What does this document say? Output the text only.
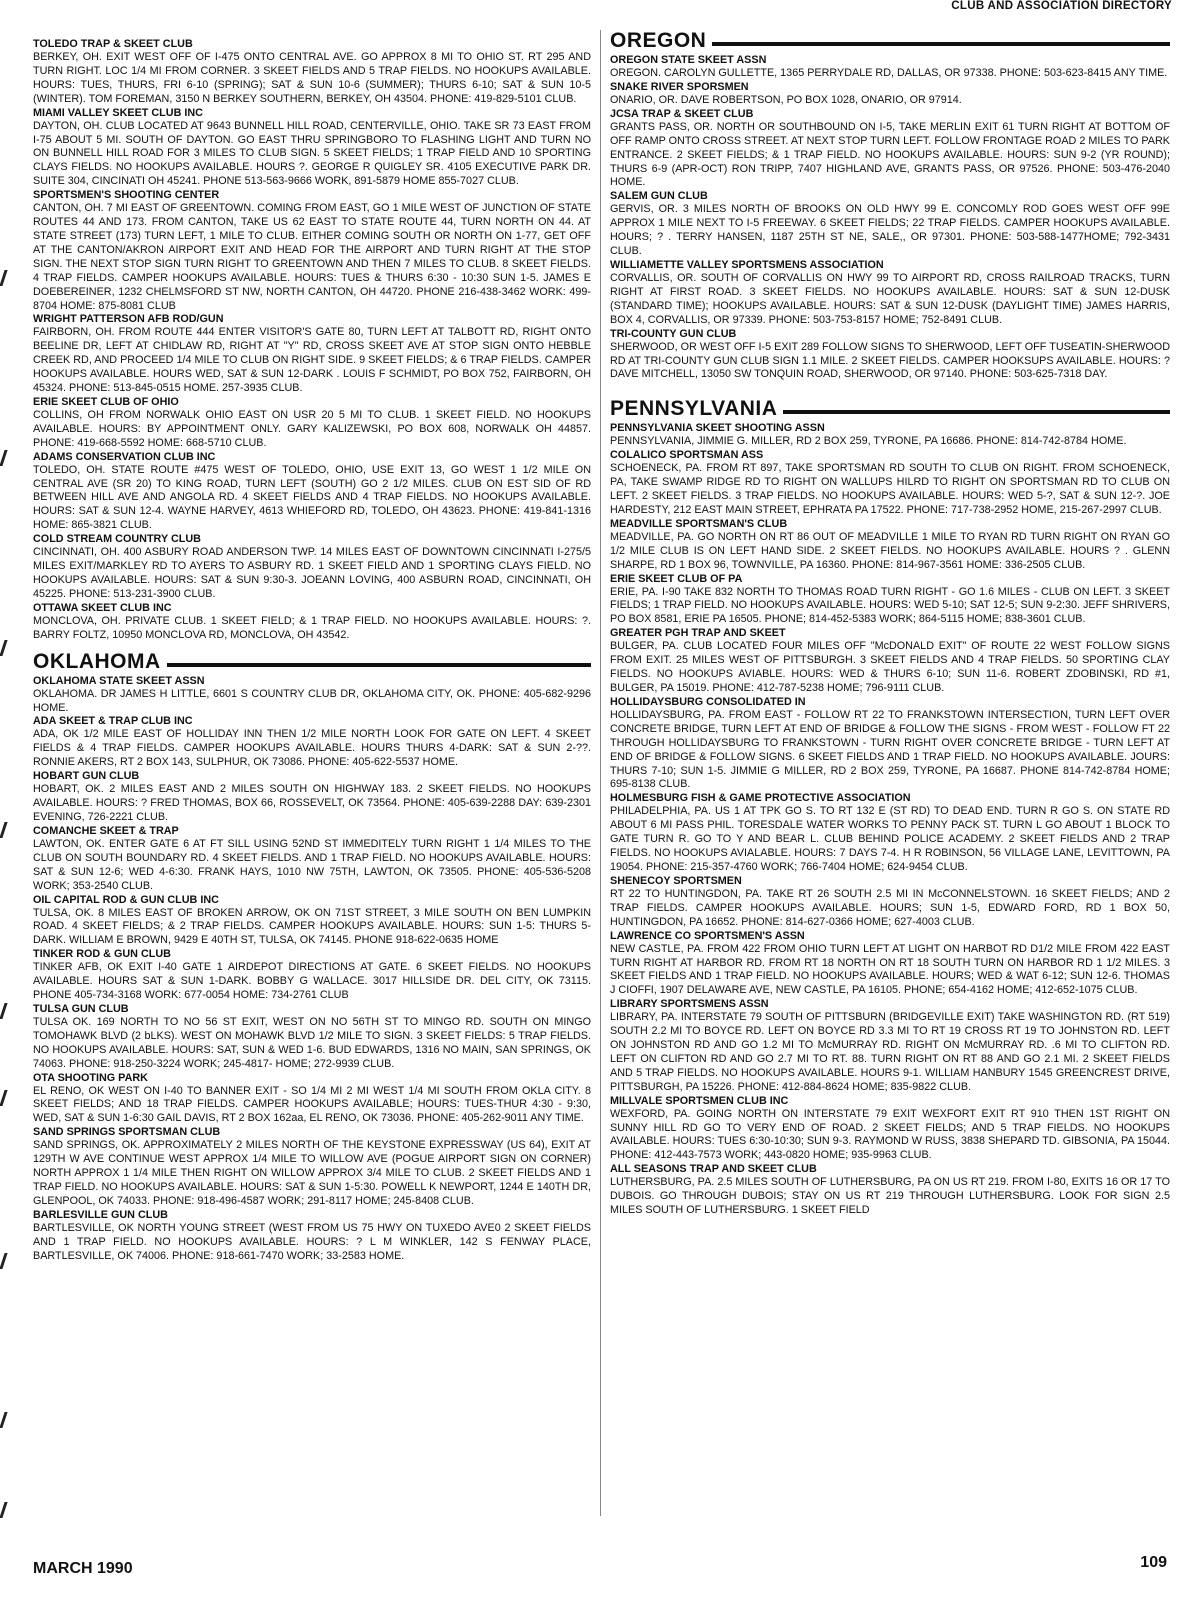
CLUB AND ASSOCIATION DIRECTORY
TOLEDO TRAP & SKEET CLUB

BERKEY, OH. EXIT WEST OFF OF I-475 ONTO CENTRAL AVE. GO APPROX 8 MI TO OHIO ST. RT 295 AND TURN RIGHT. LOC 1/4 MI FROM CORNER. 3 SKEET FIELDS AND 5 TRAP FIELDS. NO HOOKUPS AVAILABLE. HOURS: TUES, THURS, FRI 6-10 (SPRING); SAT & SUN 10-6 (SUMMER); THURS 6-10; SAT & SUN 10-5 (WINTER). TOM FOREMAN, 3150 N BERKEY SOUTHERN, BERKEY, OH 43504. PHONE: 419-829-5101 CLUB.

MIAMI VALLEY SKEET CLUB INC

DAYTON, OH. CLUB LOCATED AT 9643 BUNNELL HILL ROAD, CENTERVILLE, OHIO. TAKE SR 73 EAST FROM I-75 ABOUT 5 MI. SOUTH OF DAYTON. GO EAST THRU SPRINGBORO TO FLASHING LIGHT AND TURN NO ON BUNNELL HILL ROAD FOR 3 MILES TO CLUB SIGN. 5 SKEET FIELDS; 1 TRAP FIELD AND 10 SPORTING CLAYS FIELDS. NO HOOKUPS AVAILABLE. HOURS ?. GEORGE R QUIGLEY SR. 4105 EXECUTIVE PARK DR. SUITE 304, CINCINATI OH 45241. PHONE 513-563-9666 WORK, 891-5879 HOME 855-7027 CLUB.

SPORTSMEN'S SHOOTING CENTER

CANTON, OH. 7 MI EAST OF GREENTOWN. COMING FROM EAST, GO 1 MILE WEST OF JUNCTION OF STATE ROUTES 44 AND 173. FROM CANTON, TAKE US 62 EAST TO STATE ROUTE 44, TURN NORTH ON 44. AT STATE STREET (173) TURN LEFT, 1 MILE TO CLUB. EITHER COMING SOUTH OR NORTH ON 1-77, GET OFF AT THE CANTON/AKRON AIRPORT EXIT AND HEAD FOR THE AIRPORT AND TURN RIGHT AT THE STOP SIGN. THE NEXT STOP SIGN TURN RIGHT TO GREENTOWN AND THEN 7 MILES TO CLUB. 8 SKEET FIELDS. 4 TRAP FIELDS. CAMPER HOOKUPS AVAILABLE. HOURS: TUES & THURS 6:30 - 10:30 SUN 1-5. JAMES E DOEBEREINER, 1232 CHELMSFORD ST NW, NORTH CANTON, OH 44720. PHONE 216-438-3462 WORK: 499-8704 HOME: 875-8081 CLUB

WRIGHT PATTERSON AFB ROD/GUN

FAIRBORN, OH. FROM ROUTE 444 ENTER VISITOR'S GATE 80, TURN LEFT AT TALBOTT RD, RIGHT ONTO BEELINE DR, LEFT AT CHIDLAW RD, RIGHT AT "Y" RD, CROSS SKEET AVE AT STOP SIGN ONTO HEBBLE CREEK RD, AND PROCEED 1/4 MILE TO CLUB ON RIGHT SIDE. 9 SKEET FIELDS; & 6 TRAP FIELDS. CAMPER HOOKUPS AVAILABLE. HOURS WED, SAT & SUN 12-DARK . LOUIS F SCHMIDT, PO BOX 752, FAIRBORN, OH 45324. PHONE: 513-845-0515 HOME. 257-3935 CLUB.

ERIE SKEET CLUB OF OHIO

COLLINS, OH FROM NORWALK OHIO EAST ON USR 20 5 MI TO CLUB. 1 SKEET FIELD. NO HOOKUPS AVAILABLE. HOURS: BY APPOINTMENT ONLY. GARY KALIZEWSKI, PO BOX 608, NORWALK OH 44857. PHONE: 419-668-5592 HOME: 668-5710 CLUB.

ADAMS CONSERVATION CLUB INC

TOLEDO, OH. STATE ROUTE #475 WEST OF TOLEDO, OHIO, USE EXIT 13, GO WEST 1 1/2 MILE ON CENTRAL AVE (SR 20) TO KING ROAD, TURN LEFT (SOUTH) GO 2 1/2 MILES. CLUB ON EST SID OF RD BETWEEN HILL AVE AND ANGOLA RD. 4 SKEET FIELDS AND 4 TRAP FIELDS. NO HOOKUPS AVAILABLE. HOURS: SAT & SUN 12-4. WAYNE HARVEY, 4613 WHIEFORD RD, TOLEDO, OH 43623. PHONE: 419-841-1316 HOME: 865-3821 CLUB.

COLD STREAM COUNTRY CLUB

CINCINNATI, OH. 400 ASBURY ROAD ANDERSON TWP. 14 MILES EAST OF DOWNTOWN CINCINNATI I-275/5 MILES EXIT/MARKLEY RD TO AYERS TO ASBURY RD. 1 SKEET FIELD AND 1 SPORTING CLAYS FIELD. NO HOOKUPS AVAILABLE. HOURS: SAT & SUN 9:30-3. JOEANN LOVING, 400 ASBURN ROAD, CINCINNATI, OH 45225. PHONE: 513-231-3900 CLUB.

OTTAWA SKEET CLUB INC

MONCLOVA, OH. PRIVATE CLUB. 1 SKEET FIELD; & 1 TRAP FIELD. NO HOOKUPS AVAILABLE. HOURS: ?. BARRY FOLTZ, 10950 MONCLOVA RD, MONCLOVA, OH 43542.

OKLAHOMA
OKLAHOMA STATE SKEET ASSN

OKLAHOMA. DR JAMES H LITTLE, 6601 S COUNTRY CLUB DR, OKLAHOMA CITY, OK. PHONE: 405-682-9296 HOME.

ADA SKEET & TRAP CLUB INC

ADA, OK 1/2 MILE EAST OF HOLLIDAY INN THEN 1/2 MILE NORTH LOOK FOR GATE ON LEFT. 4 SKEET FIELDS & 4 TRAP FIELDS. CAMPER HOOKUPS AVAILABLE. HOURS THURS 4-DARK: SAT & SUN 2-??. RONNIE AKERS, RT 2 BOX 143, SULPHUR, OK 73086. PHONE: 405-622-5537 HOME.

HOBART GUN CLUB

HOBART, OK. 2 MILES EAST AND 2 MILES SOUTH ON HIGHWAY 183. 2 SKEET FIELDS. NO HOOKUPS AVAILABLE. HOURS: ? FRED THOMAS, BOX 66, ROSSEVELT, OK 73564. PHONE: 405-639-2288 DAY: 639-2301 EVENING, 726-2221 CLUB.

COMANCHE SKEET & TRAP

LAWTON, OK. ENTER GATE 6 AT FT SILL USING 52ND ST IMMEDITELY TURN RIGHT 1 1/4 MILES TO THE CLUB ON SOUTH BOUNDARY RD. 4 SKEET FIELDS. AND 1 TRAP FIELD. NO HOOKUPS AVAILABLE. HOURS: SAT & SUN 12-6; WED 4-6:30. FRANK HAYS, 1010 NW 75TH, LAWTON, OK 73505. PHONE: 405-536-5208 WORK; 353-2540 CLUB.

OIL CAPITAL ROD & GUN CLUB INC

TULSA, OK. 8 MILES EAST OF BROKEN ARROW, OK ON 71ST STREET, 3 MILE SOUTH ON BEN LUMPKIN ROAD. 4 SKEET FIELDS; & 2 TRAP FIELDS. CAMPER HOOKUPS AVAILABLE. HOURS: SUN 1-5: THURS 5-DARK. WILLIAM E BROWN, 9429 E 40TH ST, TULSA, OK 74145. PHONE 918-622-0635 HOME

TINKER ROD & GUN CLUB

TINKER AFB, OK EXIT I-40 GATE 1 AIRDEPOT DIRECTIONS AT GATE. 6 SKEET FIELDS. NO HOOKUPS AVAILABLE. HOURS SAT & SUN 1-DARK. BOBBY G WALLACE. 3017 HILLSIDE DR. DEL CITY, OK 73115. PHONE 405-734-3168 WORK: 677-0054 HOME: 734-2761 CLUB

TULSA GUN CLUB

TULSA OK. 169 NORTH TO NO 56 ST EXIT, WEST ON NO 56TH ST TO MINGO RD. SOUTH ON MINGO TOMOHAWK BLVD (2 bLKS). WEST ON MOHAWK BLVD 1/2 MILE TO SIGN. 3 SKEET FIELDS: 5 TRAP FIELDS. NO HOOKUPS AVAILABLE. HOURS: SAT, SUN & WED 1-6. BUD EDWARDS, 1316 NO MAIN, SAN SPRINGS, OK 74063. PHONE: 918-250-3224 WORK; 245-4817- HOME; 272-9939 CLUB.

OTA SHOOTING PARK

EL RENO, OK WEST ON I-40 TO BANNER EXIT - SO 1/4 MI 2 MI WEST 1/4 MI SOUTH FROM OKLA CITY. 8 SKEET FIELDS; AND 18 TRAP FIELDS. CAMPER HOOKUPS AVAILABLE; HOURS: TUES-THUR 4:30 - 9:30, WED, SAT & SUN 1-6:30 GAIL DAVIS, RT 2 BOX 162aa, EL RENO, OK 73036. PHONE: 405-262-9011 ANY TIME.

SAND SPRINGS SPORTSMAN CLUB

SAND SPRINGS, OK. APPROXIMATELY 2 MILES NORTH OF THE KEYSTONE EXPRESSWAY (US 64), EXIT AT 129TH W AVE CONTINUE WEST APPROX 1/4 MILE TO WILLOW AVE (POGUE AIRPORT SIGN ON CORNER) NORTH APPROX 1 1/4 MILE THEN RIGHT ON WILLOW APPROX 3/4 MILE TO CLUB. 2 SKEET FIELDS AND 1 TRAP FIELD. NO HOOKUPS AVAILABLE. HOURS: SAT & SUN 1-5:30. POWELL K NEWPORT, 1244 E 140TH DR, GLENPOOL, OK 74033. PHONE: 918-496-4587 WORK; 291-8117 HOME; 245-8408 CLUB.

BARLESVILLE GUN CLUB

BARTLESVILLE, OK NORTH YOUNG STREET (WEST FROM US 75 HWY ON TUXEDO AVE0 2 SKEET FIELDS AND 1 TRAP FIELD. NO HOOKUPS AVAILABLE. HOURS: ? L M WINKLER, 142 S FENWAY PLACE, BARTLESVILLE, OK 74006. PHONE: 918-661-7470 WORK; 33-2583 HOME.

OREGON
OREGON STATE SKEET ASSN

OREGON. CAROLYN GULLETTE, 1365 PERRYDALE RD, DALLAS, OR 97338. PHONE: 503-623-8415 ANY TIME.

SNAKE RIVER SPORSMEN

ONARIO, OR. DAVE ROBERTSON, PO BOX 1028, ONARIO, OR 97914.

JCSA TRAP & SKEET CLUB

GRANTS PASS, OR. NORTH OR SOUTHBOUND ON I-5, TAKE MERLIN EXIT 61 TURN RIGHT AT BOTTOM OF OFF RAMP ONTO CROSS STREET. AT NEXT STOP TURN LEFT. FOLLOW FRONTAGE ROAD 2 MILES TO PARK ENTRANCE. 2 SKEET FIELDS; & 1 TRAP FIELD. NO HOOKUPS AVAILABLE. HOURS: SUN 9-2 (YR ROUND); THURS 6-9 (APR-OCT) RON TRIPP, 7407 HIGHLAND AVE, GRANTS PASS, OR 97526. PHONE: 503-476-2040 HOME.

SALEM GUN CLUB

GERVIS, OR. 3 MILES NORTH OF BROOKS ON OLD HWY 99 E. CONCOMLY ROD GOES WEST OFF 99E APPROX 1 MILE NEXT TO I-5 FREEWAY. 6 SKEET FIELDS; 22 TRAP FIELDS. CAMPER HOOKUPS AVAILABLE. HOURS; ? . TERRY HANSEN, 1187 25TH ST NE, SALE,, OR 97301. PHONE: 503-588-1477HOME; 792-3431 CLUB.

WILLIAMETTE VALLEY SPORTSMENS ASSOCIATION

CORVALLIS, OR. SOUTH OF CORVALLIS ON HWY 99 TO AIRPORT RD, CROSS RAILROAD TRACKS, TURN RIGHT AT FIRST ROAD. 3 SKEET FIELDS. NO HOOKUPS AVAILABLE. HOURS: SAT & SUN 12-DUSK (STANDARD TIME); HOOKUPS AVAILABLE. HOURS: SAT & SUN 12-DUSK (DAYLIGHT TIME) JAMES HARRIS, BOX 4, CORVALLIS, OR 97339. PHONE: 503-753-8157 HOME; 752-8491 CLUB.

TRI-COUNTY GUN CLUB

SHERWOOD, OR WEST OFF I-5 EXIT 289 FOLLOW SIGNS TO SHERWOOD, LEFT OFF TUSEATIN-SHERWOOD RD AT TRI-COUNTY GUN CLUB SIGN 1.1 MILE. 2 SKEET FIELDS. CAMPER HOOKSUPS AVAILABLE. HOURS: ? DAVE MITCHELL, 13050 SW TONQUIN ROAD, SHERWOOD, OR 97140. PHONE: 503-625-7318 DAY.

PENNSYLVANIA
PENNSYLVANIA SKEET SHOOTING ASSN

PENNSYLVANIA, JIMMIE G. MILLER, RD 2 BOX 259, TYRONE, PA 16686. PHONE: 814-742-8784 HOME.

COLALICO SPORTSMAN ASS

SCHOENECK, PA. FROM RT 897, TAKE SPORTSMAN RD SOUTH TO CLUB ON RIGHT. FROM SCHOENECK, PA, TAKE SWAMP RIDGE RD TO RIGHT ON WALLUPS HILRD TO RIGHT ON SPORTSMAN RD TO CLUB ON LEFT. 2 SKEET FIELDS. 3 TRAP FIELDS. NO HOOKUPS AVAILABLE. HOURS: WED 5-?, SAT & SUN 12-?. JOE HARDESTY, 212 EAST MAIN STREET, EPHRATA PA 17522. PHONE: 717-738-2952 HOME, 215-267-2997 CLUB.

MEADVILLE SPORTSMAN'S CLUB

MEADVILLE, PA. GO NORTH ON RT 86 OUT OF MEADVILLE 1 MILE TO RYAN RD TURN RIGHT ON RYAN GO 1/2 MILE CLUB IS ON LEFT HAND SIDE. 2 SKEET FIELDS. NO HOOKUPS AVAILABLE. HOURS ? . GLENN SHARPE, RD 1 BOX 96, TOWNVILLE, PA 16360. PHONE: 814-967-3561 HOME: 336-2505 CLUB.

ERIE SKEET CLUB OF PA

ERIE, PA. I-90 TAKE 832 NORTH TO THOMAS ROAD TURN RIGHT - GO 1.6 MILES - CLUB ON LEFT. 3 SKEET FIELDS; 1 TRAP FIELD. NO HOOKUPS AVAILABLE. HOURS: WED 5-10; SAT 12-5; SUN 9-2:30. JEFF SHRIVERS, PO BOX 8581, ERIE PA 16505. PHONE; 814-452-5383 WORK; 864-5115 HOME; 838-3601 CLUB.

GREATER PGH TRAP AND SKEET

BULGER, PA. CLUB LOCATED FOUR MILES OFF "McDONALD EXIT" OF ROUTE 22 WEST FOLLOW SIGNS FROM EXIT. 25 MILES WEST OF PITTSBURGH. 3 SKEET FIELDS AND 4 TRAP FIELDS. 50 SPORTING CLAY FIELDS. NO HOOKUPS AVIABLE. HOURS: WED & THURS 6-10; SUN 11-6. ROBERT ZDOBINSKI, RD #1, BULGER, PA 15019. PHONE: 412-787-5238 HOME; 796-9111 CLUB.

HOLLIDAYSBURG CONSOLIDATED IN

HOLLIDAYSBURG, PA. FROM EAST - FOLLOW RT 22 TO FRANKSTOWN INTERSECTION, TURN LEFT OVER CONCRETE BRIDGE, TURN LEFT AT END OF BRIDGE & FOLLOW THE SIGNS - FROM WEST - FOLLOW FT 22 THROUGH HOLLIDAYSBURG TO FRANKSTOWN - TURN RIGHT OVER CONCRETE BRIDGE - TURN LEFT AT END OF BRIDGE & FOLLOW SIGNS. 6 SKEET FIELDS AND 1 TRAP FIELD. NO HOOKUPS AVAILABLE. JOURS: THURS 7-10; SUN 1-5. JIMMIE G MILLER, RD 2 BOX 259, TYRONE, PA 16687. PHONE 814-742-8784 HOME; 695-8138 CLUB.

HOLMESBURG FISH & GAME PROTECTIVE ASSOCIATION

PHILADELPHIA, PA. US 1 AT TPK GO S. TO RT 132 E (ST RD) TO DEAD END. TURN R GO S. ON STATE RD ABOUT 6 MI PASS PHIL. TORESDALE WATER WORKS TO PENNY PACK ST. TURN L GO ABOUT 1 BLOCK TO GATE TURN R. GO TO Y AND BEAR L. CLUB BEHIND POLICE ACADEMY. 2 SKEET FIELDS AND 2 TRAP FIELDS. NO HOOKUPS AVIALABLE. HOURS: 7 DAYS 7-4. H R ROBINSON, 56 VILLAGE LANE, LEVITTOWN, PA 19054. PHONE: 215-357-4760 WORK; 766-7404 HOME; 624-9454 CLUB.

SHENECOY SPORTSMEN

RT 22 TO HUNTINGDON, PA. TAKE RT 26 SOUTH 2.5 MI IN McCONNELSTOWN. 16 SKEET FIELDS; AND 2 TRAP FIELDS. CAMPER HOOKUPS AVAILABLE. HOURS; SUN 1-5, EDWARD FORD, RD 1 BOX 50, HUNTINGDON, PA 16652. PHONE: 814-627-0366 HOME; 627-4003 CLUB.

LAWRENCE CO SPORTSMEN'S ASSN

NEW CASTLE, PA. FROM 422 FROM OHIO TURN LEFT AT LIGHT ON HARBOT RD D1/2 MILE FROM 422 EAST TURN RIGHT AT HARBOR RD. FROM RT 18 NORTH ON RT 18 SOUTH TURN ON HARBOR RD 1 1/2 MILES. 3 SKEET FIELDS AND 1 TRAP FIELD. NO HOOKUPS AVAILABLE. HOURS; WED & WAT 6-12; SUN 12-6. THOMAS J CIOFFI, 1907 DELAWARE AVE, NEW CASTLE, PA 16105. PHONE; 654-4162 HOME; 412-652-1075 CLUB.

LIBRARY SPORTSMENS ASSN

LIBRARY, PA. INTERSTATE 79 SOUTH OF PITTSBURN (BRIDGEVILLE EXIT) TAKE WASHINGTON RD. (RT 519) SOUTH 2.2 MI TO BOYCE RD. LEFT ON BOYCE RD 3.3 MI TO RT 19 CROSS RT 19 TO JOHNSTON RD. LEFT ON JOHNSTON RD AND GO 1.2 MI TO McMURRAY RD. RIGHT ON McMURRAY RD. .6 MI TO CLIFTON RD. LEFT ON CLIFTON RD AND GO 2.7 MI TO RT. 88. TURN RIGHT ON RT 88 AND GO 2.1 MI. 2 SKEET FIELDS AND 5 TRAP FIELDS. NO HOOKUPS AVAILABLE. HOURS 9-1. WILLIAM HANBURY 1545 GREENCREST DRIVE, PITTSBURGH, PA 15226. PHONE: 412-884-8624 HOME; 835-9822 CLUB.

MILLVALE SPORTSMEN CLUB INC

WEXFORD, PA. GOING NORTH ON INTERSTATE 79 EXIT WEXFORT EXIT RT 910 THEN 1ST RIGHT ON SUNNY HILL RD GO TO VERY END OF ROAD. 2 SKEET FIELDS; AND 5 TRAP FIELDS. NO HOOKUPS AVAILABLE. HOURS: TUES 6:30-10:30; SUN 9-3. RAYMOND W RUSS, 3838 SHEPARD TD. GIBSONIA, PA 15044. PHONE: 412-443-7573 WORK; 443-0820 HOME; 935-9963 CLUB.

ALL SEASONS TRAP AND SKEET CLUB

LUTHERSBURG, PA. 2.5 MILES SOUTH OF LUTHERSBURG, PA ON US RT 219. FROM I-80, EXITS 16 OR 17 TO DUBOIS. GO THROUGH DUBOIS; STAY ON US RT 219 THROUGH LUTHERSBURG. LOOK FOR SIGN 2.5 MILES SOUTH OF LUTHERSBURG. 1 SKEET FIELD

MARCH 1990	109
